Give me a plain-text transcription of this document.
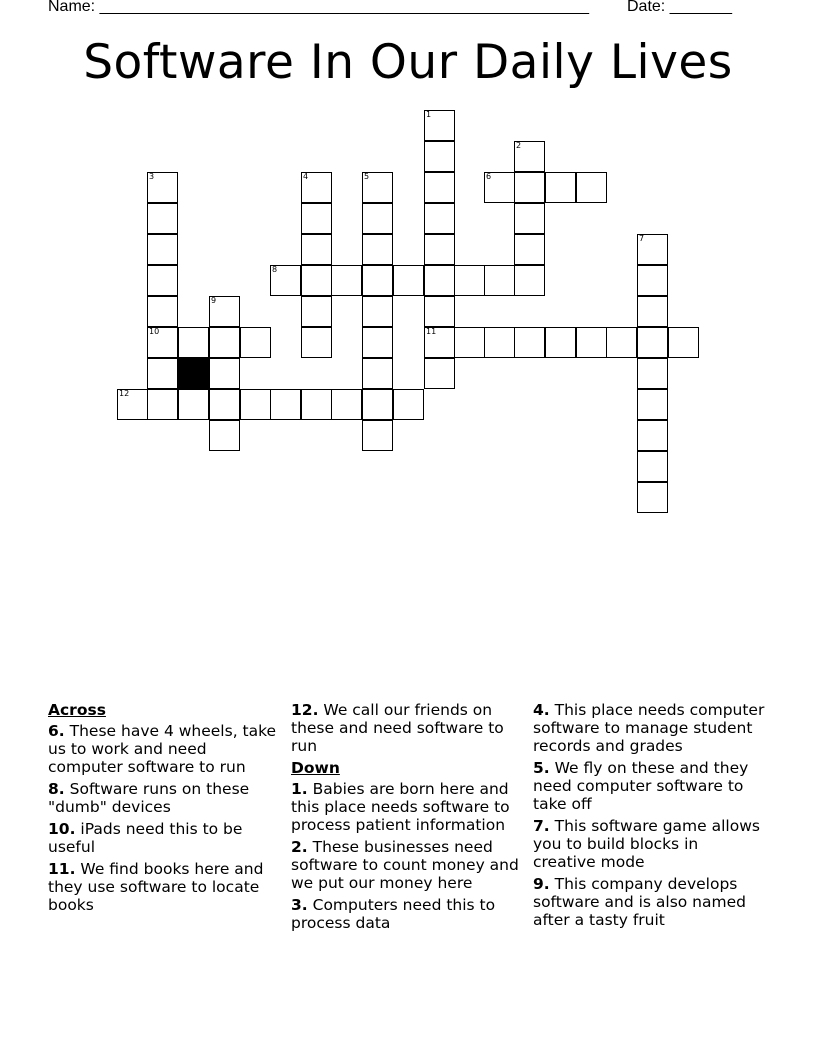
Name: _______________________________________________________ Date: _______
Software In Our Daily Lives
1
11
2
3
10
4	5	6
7
8
9
12
Across
6. These have 4 wheels, take us to work and need computer software to run
8. Software runs on these "dumb" devices
10. iPads need this to be useful
11. We find books here and they use software to locate books
12. We call our friends on these and need software to run
Down
1. Babies are born here and this place needs software to process patient information
2. These businesses need software to count money and we put our money here
3. Computers need this to process data
4. This place needs computer software to manage student records and grades
5. We fly on these and they need computer software to take off
7. This software game allows you to build blocks in creative mode
9. This company develops software and is also named after a tasty fruit
